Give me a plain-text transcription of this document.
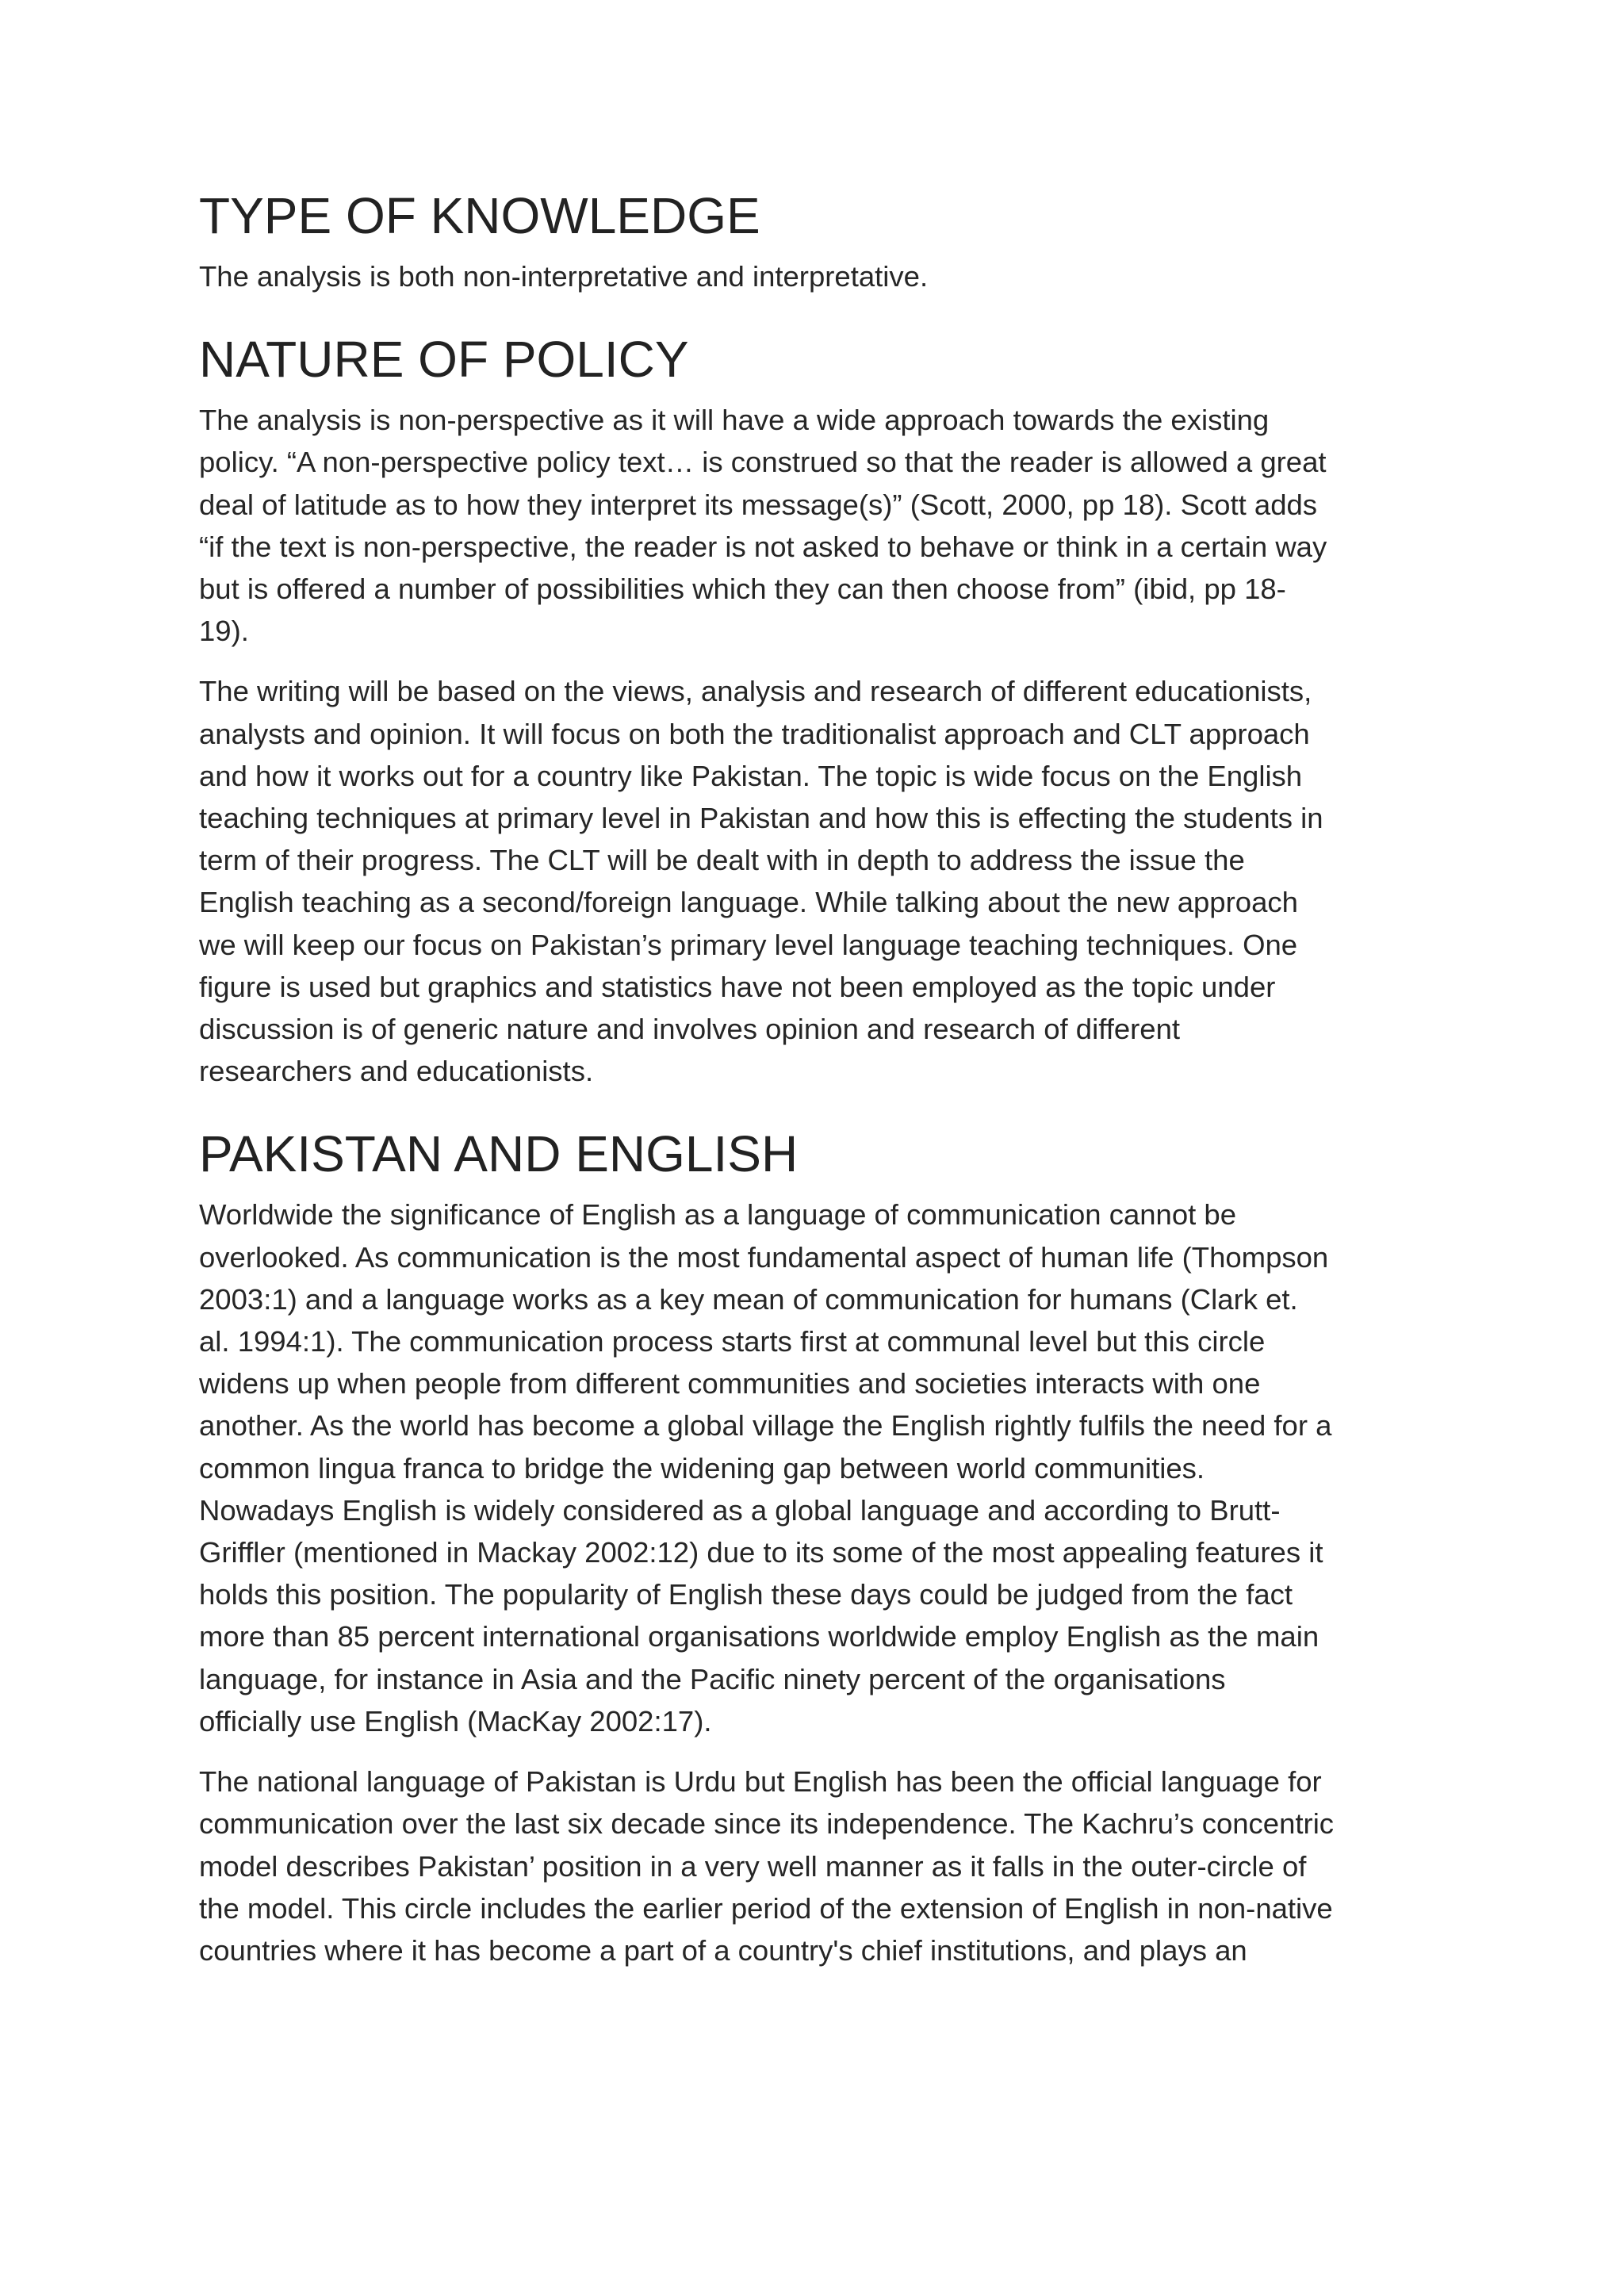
TYPE OF KNOWLEDGE

The analysis is both non-interpretative and interpretative.

NATURE OF POLICY

The analysis is non-perspective as it will have a wide approach towards the existing
policy. “A non-perspective policy text… is construed so that the reader is allowed a great
deal of latitude as to how they interpret its message(s)” (Scott, 2000, pp 18). Scott adds
“if the text is non-perspective, the reader is not asked to behave or think in a certain way
but is offered a number of possibilities which they can then choose from” (ibid, pp 18-
19).

The writing will be based on the views, analysis and research of different educationists,
analysts and opinion. It will focus on both the traditionalist approach and CLT approach
and how it works out for a country like Pakistan. The topic is wide focus on the English
teaching techniques at primary level in Pakistan and how this is effecting the students in
term of their progress. The CLT will be dealt with in depth to address the issue the
English teaching as a second/foreign language. While talking about the new approach
we will keep our focus on Pakistan’s primary level language teaching techniques. One
figure is used but graphics and statistics have not been employed as the topic under
discussion is of generic nature and involves opinion and research of different
researchers and educationists.

PAKISTAN AND ENGLISH

Worldwide the significance of English as a language of communication cannot be
overlooked. As communication is the most fundamental aspect of human life (Thompson
2003:1) and a language works as a key mean of communication for humans (Clark et.
al. 1994:1). The communication process starts first at communal level but this circle
widens up when people from different communities and societies interacts with one
another. As the world has become a global village the English rightly fulfils the need for a
common lingua franca to bridge the widening gap between world communities.
Nowadays English is widely considered as a global language and according to Brutt-
Griffler (mentioned in Mackay 2002:12) due to its some of the most appealing features it
holds this position. The popularity of English these days could be judged from the fact
more than 85 percent international organisations worldwide employ English as the main
language, for instance in Asia and the Pacific ninety percent of the organisations
officially use English (MacKay 2002:17).

The national language of Pakistan is Urdu but English has been the official language for
communication over the last six decade since its independence. The Kachru’s concentric
model describes Pakistan’ position in a very well manner as it falls in the outer-circle of
the model. This circle includes the earlier period of the extension of English in non-native
countries where it has become a part of a country's chief institutions, and plays an
